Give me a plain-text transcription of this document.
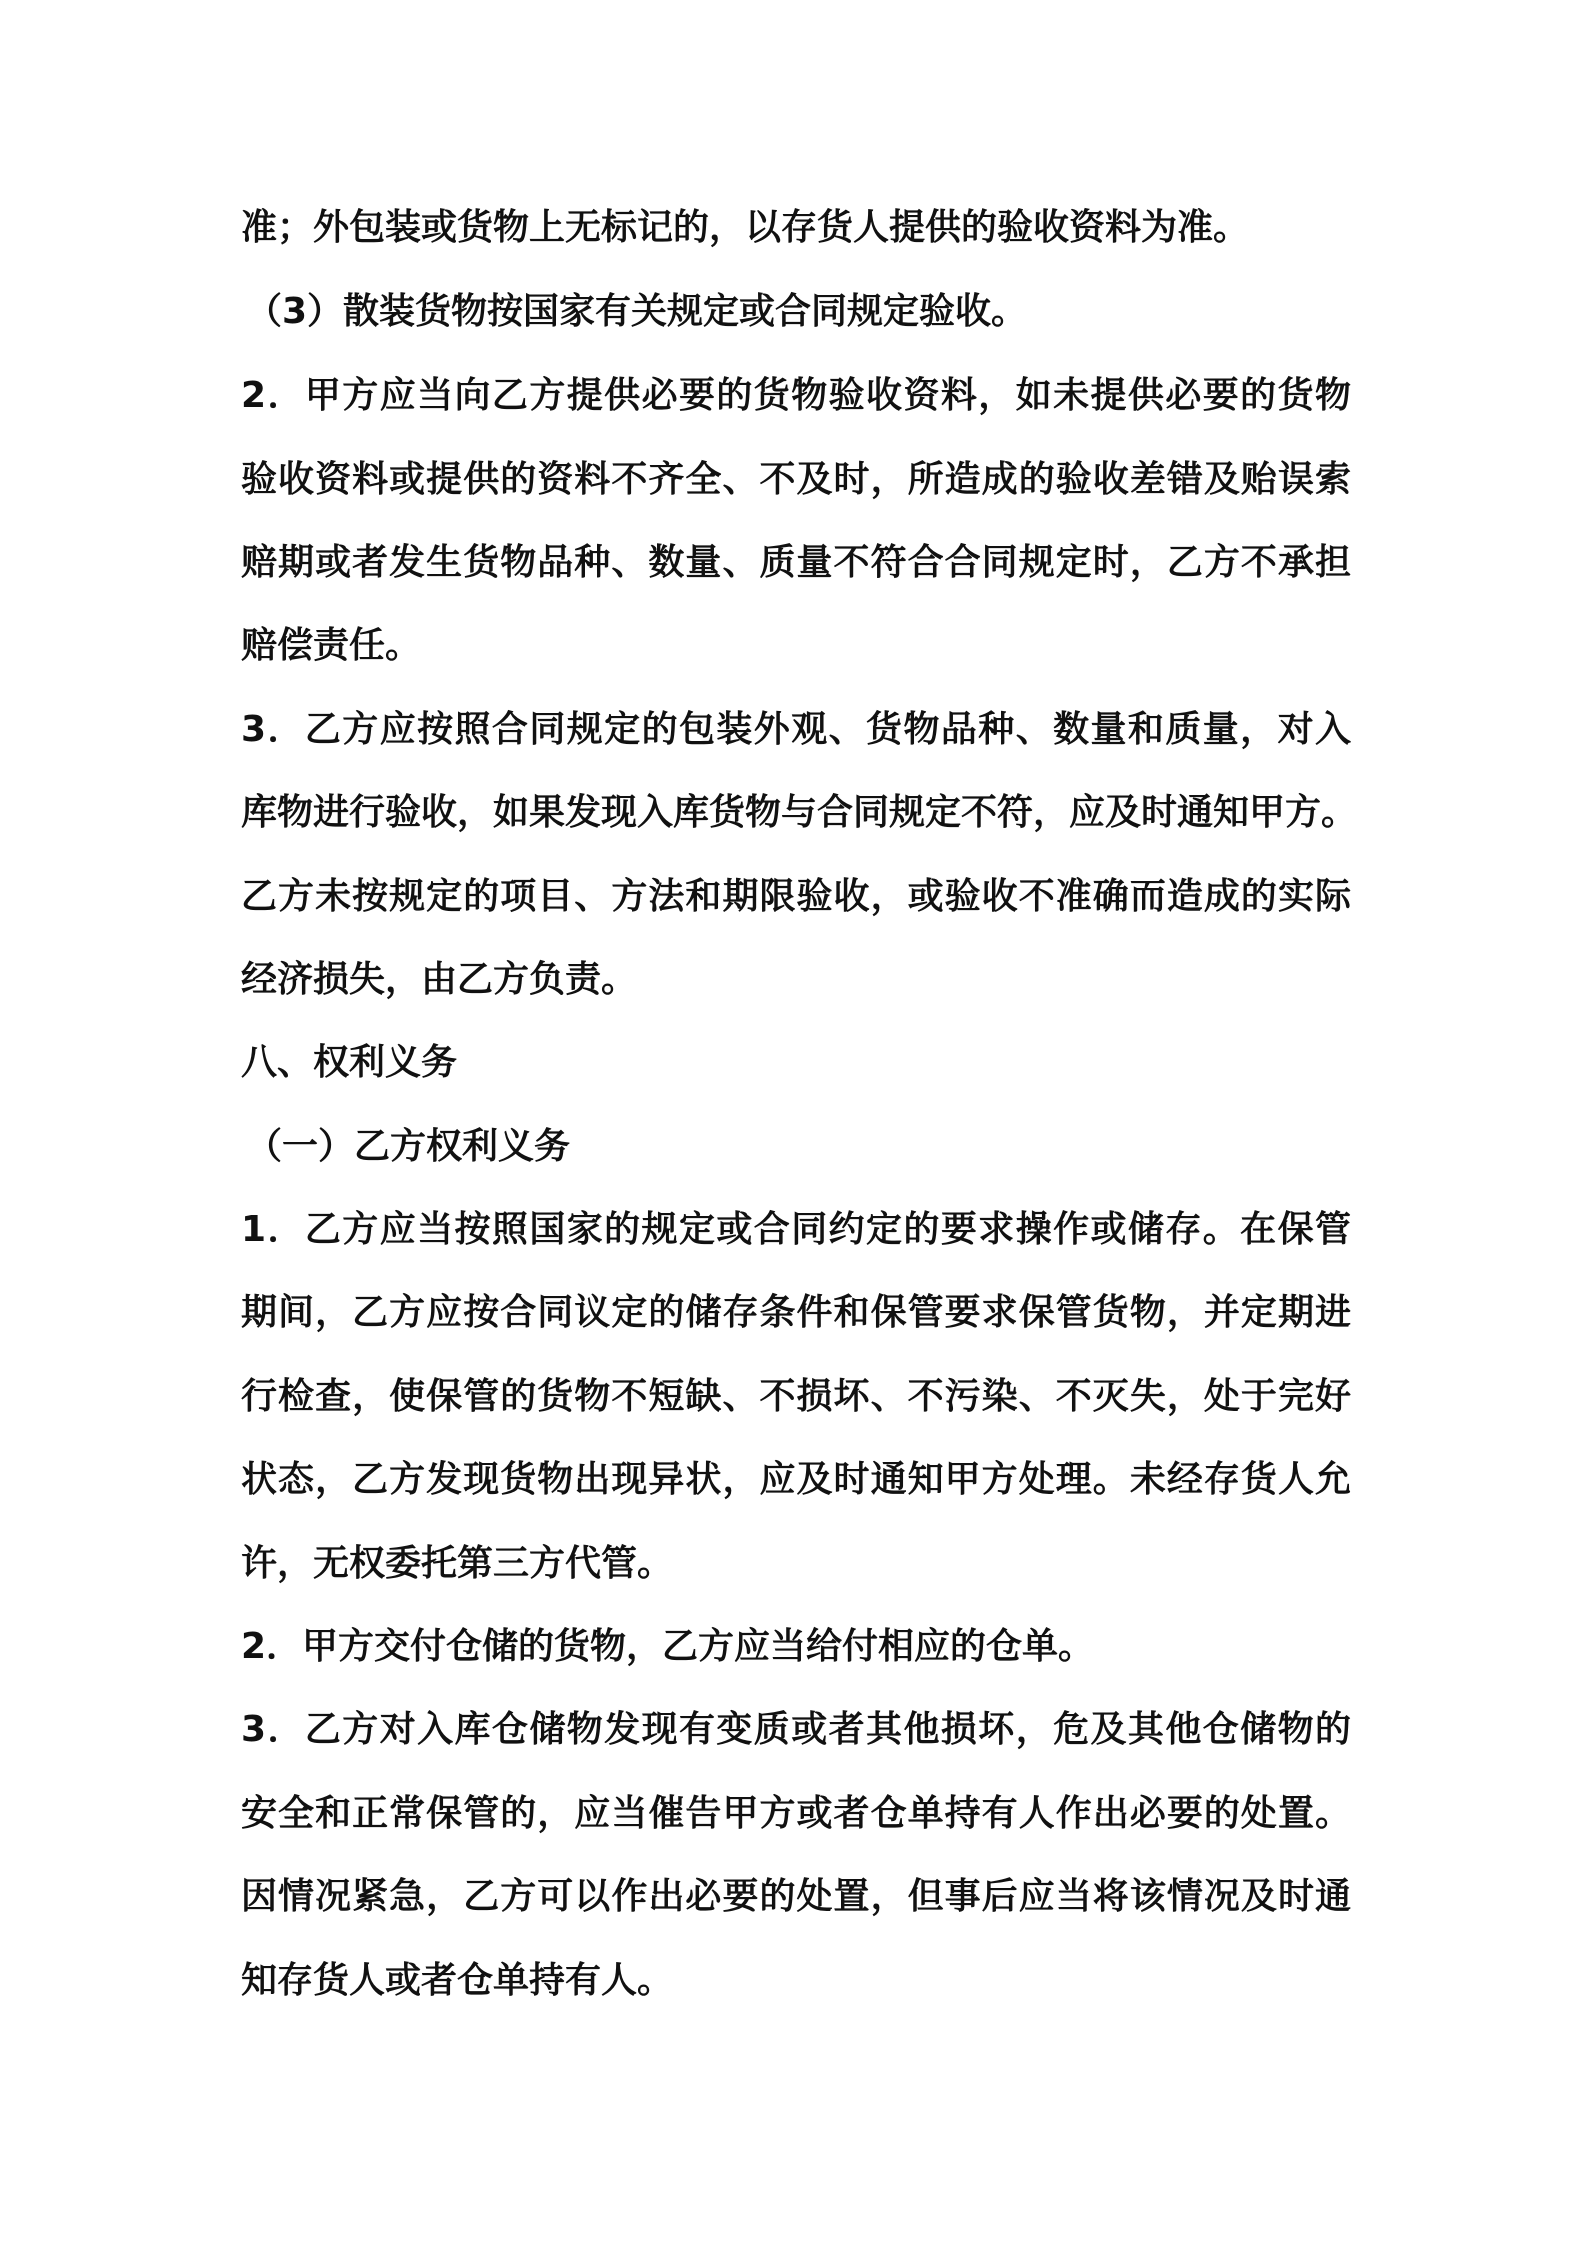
准；外包装或货物上无标记的，以存货人提供的验收资料为准。
（3）散装货物按国家有关规定或合同规定验收。
2．甲方应当向乙方提供必要的货物验收资料，如未提供必要的货物
验收资料或提供的资料不齐全、不及时，所造成的验收差错及贻误索
赔期或者发生货物品种、数量、质量不符合合同规定时，乙方不承担
赔偿责任。
3．乙方应按照合同规定的包装外观、货物品种、数量和质量，对入
库物进行验收，如果发现入库货物与合同规定不符，应及时通知甲方。
乙方未按规定的项目、方法和期限验收，或验收不准确而造成的实际
经济损失，由乙方负责。
八、权利义务
（一）乙方权利义务
1．乙方应当按照国家的规定或合同约定的要求操作或储存。在保管
期间，乙方应按合同议定的储存条件和保管要求保管货物，并定期进
行检查，使保管的货物不短缺、不损坏、不污染、不灭失，处于完好
状态，乙方发现货物出现异状，应及时通知甲方处理。未经存货人允
许，无权委托第三方代管。
2．甲方交付仓储的货物，乙方应当给付相应的仓单。
3．乙方对入库仓储物发现有变质或者其他损坏，危及其他仓储物的
安全和正常保管的，应当催告甲方或者仓单持有人作出必要的处置。
因情况紧急，乙方可以作出必要的处置，但事后应当将该情况及时通
知存货人或者仓单持有人。
